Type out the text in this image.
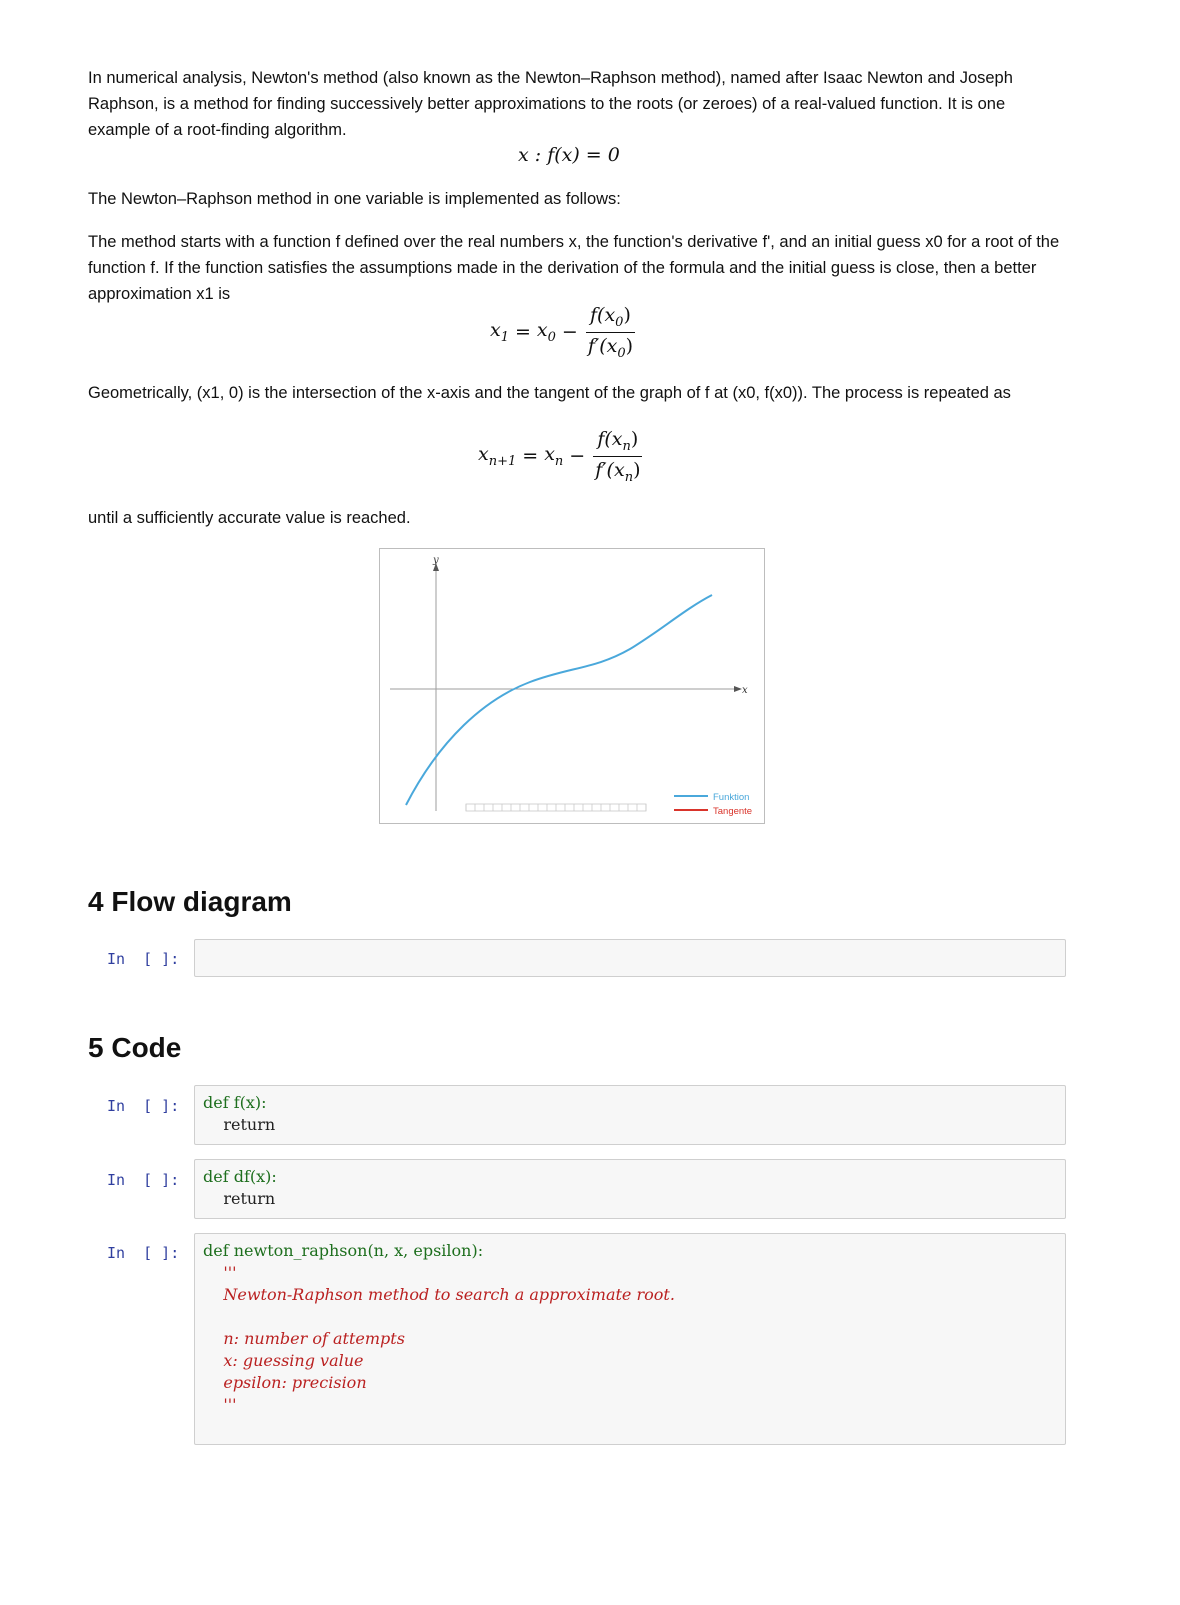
In numerical analysis, Newton's method (also known as the Newton–Raphson method), named after Isaac Newton and Joseph Raphson, is a method for finding successively better approximations to the roots (or zeroes) of a real-valued function. It is one example of a root-finding algorithm.

x : f(x) = 0

The Newton–Raphson method in one variable is implemented as follows:

The method starts with a function f defined over the real numbers x, the function's derivative f', and an initial guess x0 for a root of the function f. If the function satisfies the assumptions made in the derivation of the formula and the initial guess is close, then a better approximation x1 is

$x_1 = x_0 - \frac{f(x_0)}{f'(x_0)}$

Geometrically, (x1, 0) is the intersection of the x-axis and the tangent of the graph of f at (x0, f(x0)). The process is repeated as

$x_{n+1} = x_n - \frac{f(x_n)}{f'(x_n)}$

until a sufficiently accurate value is reached.

y
x
Funktion
Tangente
4 Flow diagram
In  [ ]:
5 Code
In  [ ]:	def f(x):
return
In  [ ]:	def df(x):
return
In  [ ]:	def newton_raphson(n, x, epsilon):
'''
Newton-Raphson method to search a approximate root.

n: number of attempts
x: guessing value
epsilon: precision
'''
